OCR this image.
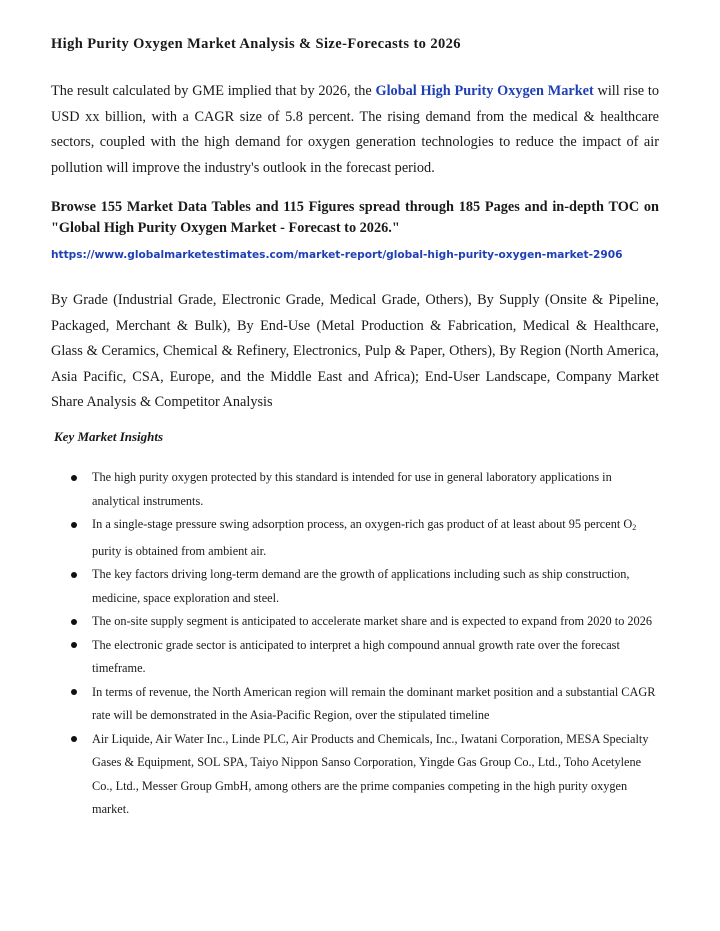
High Purity Oxygen Market Analysis & Size-Forecasts to 2026

The result calculated by GME implied that by 2026, the Global High Purity Oxygen Market will rise to USD xx billion, with a CAGR size of 5.8 percent. The rising demand from the medical & healthcare sectors, coupled with the high demand for oxygen generation technologies to reduce the impact of air pollution will improve the industry's outlook in the forecast period.

Browse 155 Market Data Tables and 115 Figures spread through 185 Pages and in-depth TOC on "Global High Purity Oxygen Market - Forecast to 2026."

https://www.globalmarketestimates.com/market-report/global-high-purity-oxygen-market-2906

By Grade (Industrial Grade, Electronic Grade, Medical Grade, Others), By Supply (Onsite & Pipeline, Packaged, Merchant & Bulk), By End-Use (Metal Production & Fabrication, Medical & Healthcare, Glass & Ceramics, Chemical & Refinery, Electronics, Pulp & Paper, Others), By Region (North America, Asia Pacific, CSA, Europe, and the Middle East and Africa); End-User Landscape, Company Market Share Analysis & Competitor Analysis

Key Market Insights
The high purity oxygen protected by this standard is intended for use in general laboratory applications in analytical instruments.
In a single-stage pressure swing adsorption process, an oxygen-rich gas product of at least about 95 percent $O_2$ purity is obtained from ambient air.
The key factors driving long-term demand are the growth of applications including such as ship construction, medicine, space exploration and steel.
The on-site supply segment is anticipated to accelerate market share and is expected to expand from 2020 to 2026
The electronic grade sector is anticipated to interpret a high compound annual growth rate over the forecast timeframe.
In terms of revenue, the North American region will remain the dominant market position and a substantial CAGR rate will be demonstrated in the Asia-Pacific Region, over the stipulated timeline
Air Liquide, Air Water Inc., Linde PLC, Air Products and Chemicals, Inc., Iwatani Corporation, MESA Specialty Gases & Equipment, SOL SPA, Taiyo Nippon Sanso Corporation, Yingde Gas Group Co., Ltd., Toho Acetylene Co., Ltd., Messer Group GmbH, among others are the prime companies competing in the high purity oxygen market.
